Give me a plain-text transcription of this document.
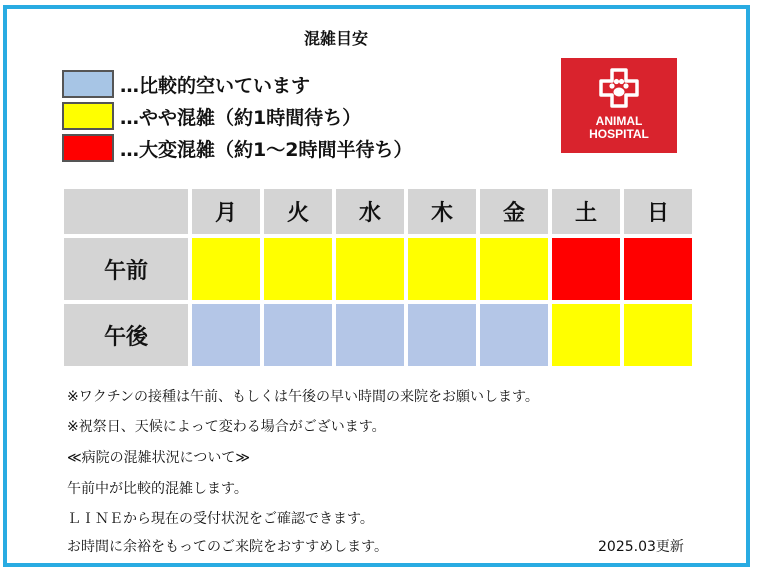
混雑目安
…比較的空いています
…やや混雑（約1時間待ち）
…大変混雑（約1～2時間半待ち）
ANIMAL
HOSPITAL
月	火	水	木	金	土	日
午前
午後
※ワクチンの接種は午前、もしくは午後の早い時間の来院をお願いします。
※祝祭日、天候によって変わる場合がございます。
≪病院の混雑状況について≫
午前中が比較的混雑します。
ＬＩＮＥから現在の受付状況をご確認できます。
お時間に余裕をもってのご来院をおすすめします。	2025.03更新
